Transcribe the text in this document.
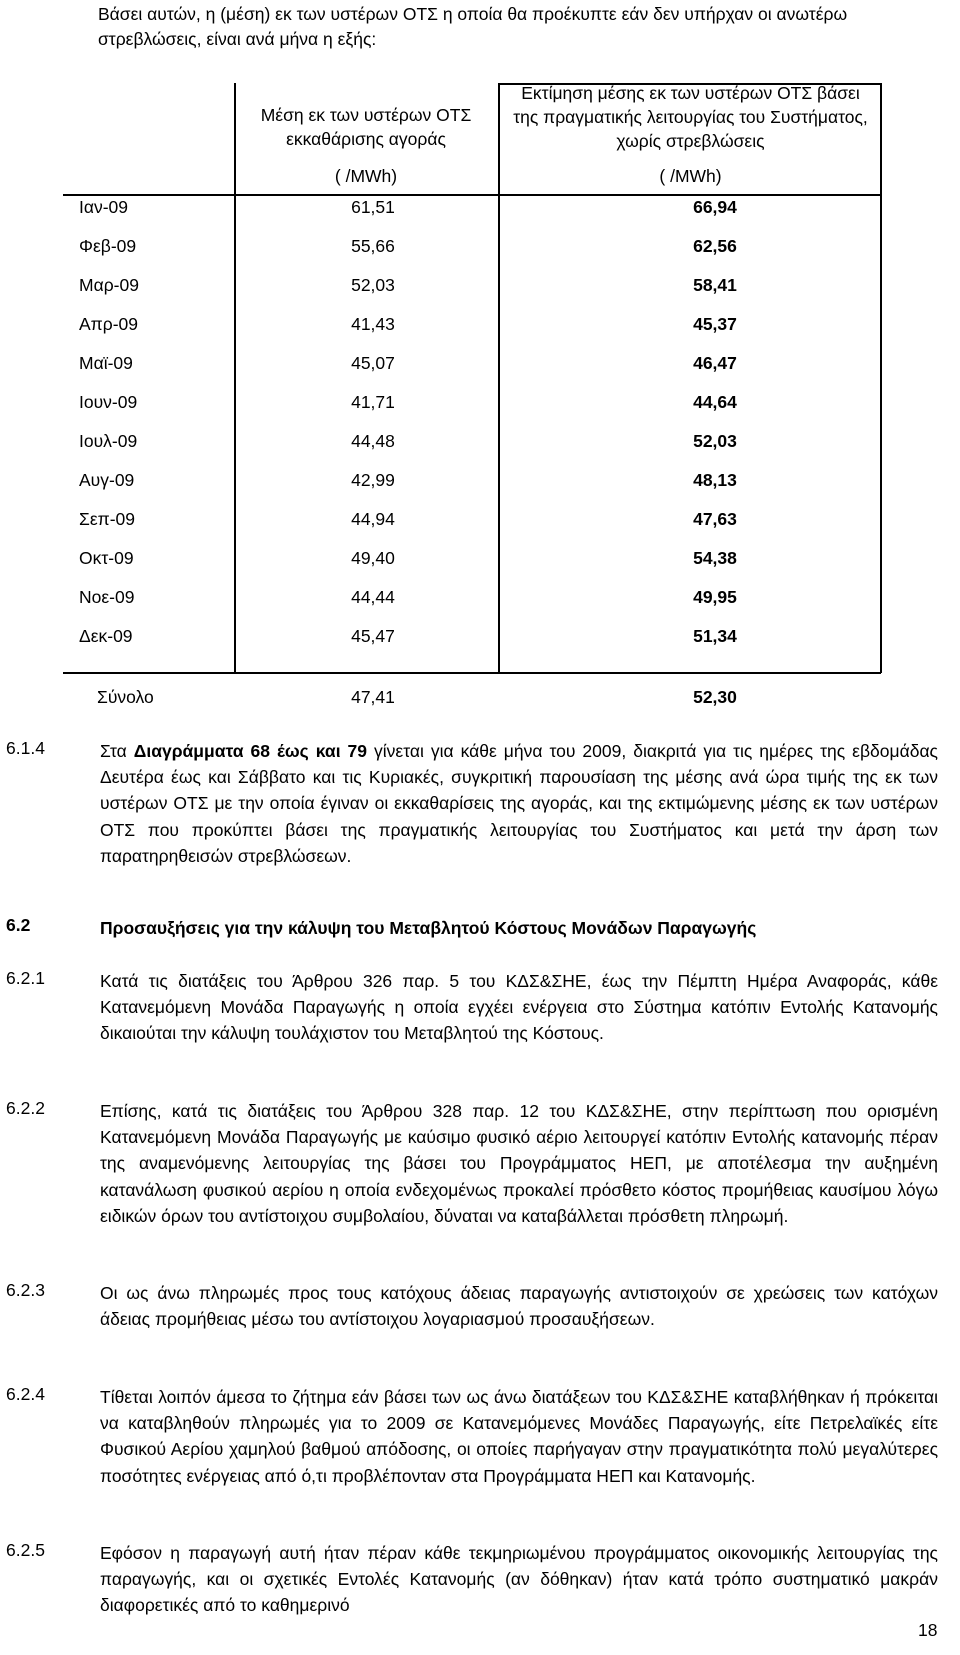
Βάσει αυτών, η (μέση) εκ των υστέρων ΟΤΣ η οποία θα προέκυπτε εάν δεν υπήρχαν οι ανωτέρω στρεβλώσεις, είναι ανά μήνα η εξής:
Μέση εκ των υστέρων ΟΤΣ εκκαθάρισης αγοράς
( /MWh)
Εκτίμηση μέσης εκ των υστέρων ΟΤΣ βάσει της πραγματικής λειτουργίας του Συστήματος, χωρίς στρεβλώσεις
( /MWh)
Ιαν-09	61,51	66,94
Φεβ-09	55,66	62,56
Μαρ-09	52,03	58,41
Απρ-09	41,43	45,37
Μαϊ-09	45,07	46,47
Ιουν-09	41,71	44,64
Ιουλ-09	44,48	52,03
Αυγ-09	42,99	48,13
Σεπ-09	44,94	47,63
Οκτ-09	49,40	54,38
Νοε-09	44,44	49,95
Δεκ-09	45,47	51,34
Σύνολο	47,41	52,30
6.1.4	Στα Διαγράμματα 68 έως και 79 γίνεται για κάθε μήνα του 2009, διακριτά για τις ημέρες της εβδομάδας Δευτέρα έως και Σάββατο και τις Κυριακές, συγκριτική παρουσίαση της μέσης ανά ώρα τιμής της εκ των υστέρων ΟΤΣ με την οποία έγιναν οι εκκαθαρίσεις της αγοράς, και της εκτιμώμενης μέσης εκ των υστέρων ΟΤΣ που προκύπτει βάσει της πραγματικής λειτουργίας του Συστήματος και μετά την άρση των παρατηρηθεισών στρεβλώσεων.
6.2	Προσαυξήσεις για την κάλυψη του Μεταβλητού Κόστους Μονάδων Παραγωγής
6.2.1	Κατά τις διατάξεις του Άρθρου 326 παρ. 5 του ΚΔΣ&ΣΗΕ, έως την Πέμπτη Ημέρα Αναφοράς, κάθε Κατανεμόμενη Μονάδα Παραγωγής η οποία εγχέει ενέργεια στο Σύστημα κατόπιν Εντολής Κατανομής δικαιούται την κάλυψη τουλάχιστον του Μεταβλητού της Κόστους.
6.2.2	Επίσης, κατά τις διατάξεις του Άρθρου 328 παρ. 12 του ΚΔΣ&ΣΗΕ, στην περίπτωση που ορισμένη Κατανεμόμενη Μονάδα Παραγωγής με καύσιμο φυσικό αέριο λειτουργεί κατόπιν Εντολής κατανομής πέραν της αναμενόμενης λειτουργίας της βάσει του Προγράμματος ΗΕΠ, με αποτέλεσμα την αυξημένη κατανάλωση φυσικού αερίου η οποία ενδεχομένως προκαλεί πρόσθετο κόστος προμήθειας καυσίμου λόγω ειδικών όρων του αντίστοιχου συμβολαίου, δύναται να καταβάλλεται πρόσθετη πληρωμή.
6.2.3	Οι ως άνω πληρωμές προς τους κατόχους άδειας παραγωγής αντιστοιχούν σε χρεώσεις των κατόχων άδειας προμήθειας μέσω του αντίστοιχου λογαριασμού προσαυξήσεων.
6.2.4	Τίθεται λοιπόν άμεσα το ζήτημα εάν βάσει των ως άνω διατάξεων του ΚΔΣ&ΣΗΕ καταβλήθηκαν ή πρόκειται να καταβληθούν πληρωμές για το 2009 σε Κατανεμόμενες Μονάδες Παραγωγής, είτε Πετρελαϊκές είτε Φυσικού Αερίου χαμηλού βαθμού απόδοσης, οι οποίες παρήγαγαν στην πραγματικότητα πολύ μεγαλύτερες ποσότητες ενέργειας από ό,τι προβλέπονταν στα Προγράμματα ΗΕΠ και Κατανομής.
6.2.5	Εφόσον η παραγωγή αυτή ήταν πέραν κάθε τεκμηριωμένου προγράμματος οικονομικής λειτουργίας της παραγωγής, και οι σχετικές Εντολές Κατανομής (αν δόθηκαν) ήταν κατά τρόπο συστηματικό μακράν διαφορετικές από το καθημερινό
18
